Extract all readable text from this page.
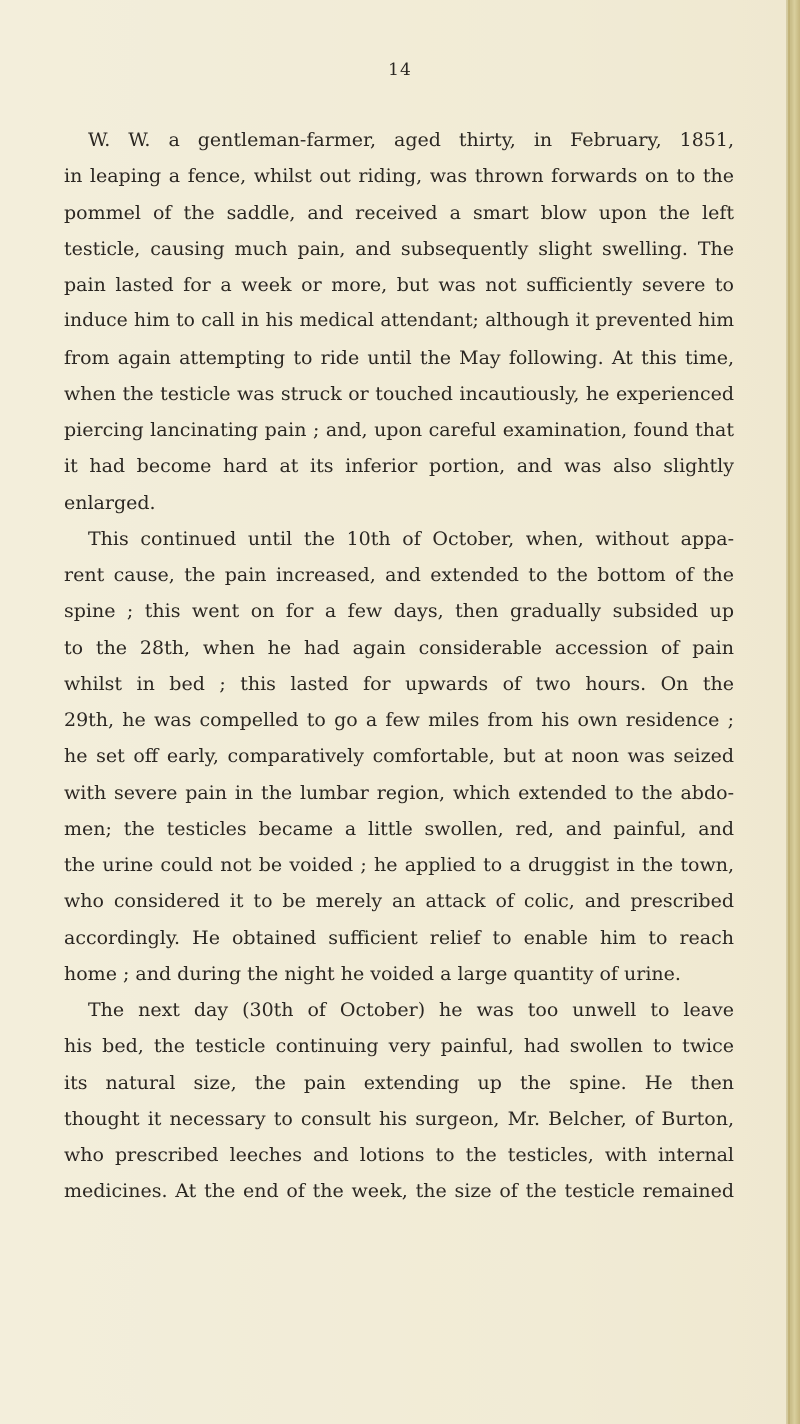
14
W. W. a gentleman-farmer, aged thirty, in February, 1851,
in leaping a fence, whilst out riding, was thrown forwards on to the
pommel of the saddle, and received a smart blow upon the left
testicle, causing much pain, and subsequently slight swelling. The
pain lasted for a week or more, but was not sufficiently severe to
induce him to call in his medical attendant; although it prevented him
from again attempting to ride until the May following. At this time,
when the testicle was struck or touched incautiously, he experienced
piercing lancinating pain ; and, upon careful examination, found that
it had become hard at its inferior portion, and was also slightly
enlarged.
This continued until the 10th of October, when, without appa-
rent cause, the pain increased, and extended to the bottom of the
spine ; this went on for a few days, then gradually subsided up
to the 28th, when he had again considerable accession of pain
whilst in bed ; this lasted for upwards of two hours. On the
29th, he was compelled to go a few miles from his own residence ;
he set off early, comparatively comfortable, but at noon was seized
with severe pain in the lumbar region, which extended to the abdo-
men; the testicles became a little swollen, red, and painful, and
the urine could not be voided ; he applied to a druggist in the town,
who considered it to be merely an attack of colic, and prescribed
accordingly. He obtained sufficient relief to enable him to reach
home ; and during the night he voided a large quantity of urine.
The next day (30th of October) he was too unwell to leave
his bed, the testicle continuing very painful, had swollen to twice
its natural size, the pain extending up the spine. He then
thought it necessary to consult his surgeon, Mr. Belcher, of Burton,
who prescribed leeches and lotions to the testicles, with internal
medicines. At the end of the week, the size of the testicle remained
